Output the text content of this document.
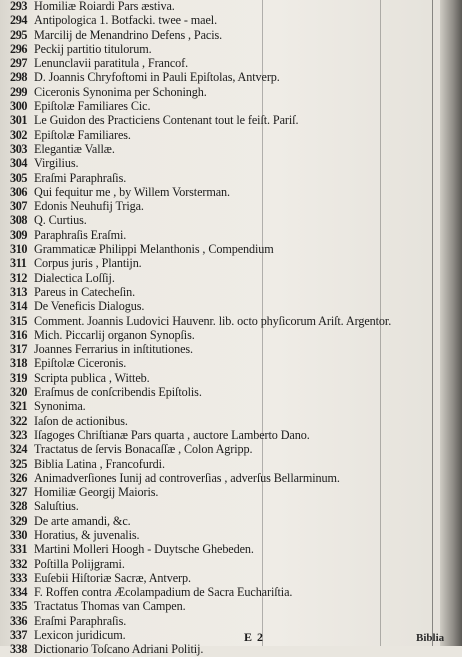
293 Homiliæ Roiardi Pars æstiva.
294 Antipologica 1. Botfacki. twee - mael.
295 Marcilij de Menandrino Defens , Pacis.
296 Peckij partitio titulorum.
297 Lenunclavii paratitula , Francof.
298 D. Joannis Chryfoftomi in Pauli Epiſtolas, Antverp.
299 Ciceronis Synonima per Schoningh.
300 Epiſtolæ Familiares Cic.
301 Le Guidon des Practiciens Contenant tout le feiſt. Pariſ.
302 Epiſtolæ Familiares.
303 Elegantiæ Vallæ.
304 Virgilius.
305 Eraſmi Paraphraſis.
306 Qui fequitur me , by Willem Vorsterman.
307 Edonis Neuhufij Triga.
308 Q. Curtius.
309 Paraphraſis Eraſmi.
310 Grammaticæ Philippi Melanthonis , Compendium
311 Corpus juris , Plantijn.
312 Dialectica Loſſij.
313 Pareus in Catecheſin.
314 De Veneficis Dialogus.
315 Comment. Joannis Ludovici Hauvenr. lib. octo phyſicorum Ariſt. Argentor.
316 Mich. Piccarlij organon Synopſis.
317 Joannes Ferrarius in inſtitutiones.
318 Epiſtolæ Ciceronis.
319 Scripta publica , Witteb.
320 Eraſmus de conſcribendis Epiſtolis.
321 Synonima.
322 Iaſon de actionibus.
323 Iſagoges Chriſtianæ Pars quarta , auctore Lamberto Dano.
324 Tractatus de ſervis Bonacaſſæ , Colon Agripp.
325 Biblia Latina , Francofurdi.
326 Animadverſiones Iunij ad controverſias , adverſus Bellarminum.
327 Homiliæ Georgij Maioris.
328 Saluſtius.
329 De arte amandi, &c.
330 Horatius, & juvenalis.
331 Martini Molleri Hoogh - Duytsche Ghebeden.
332 Poſtilla Polijgrami.
333 Euſebii Hiſtoriæ Sacræ, Antverp.
334 F. Roffen contra Æcolampadium de Sacra Euchariſtia.
335 Tractatus Thomas van Campen.
336 Eraſmi Paraphraſis.
337 Lexicon juridicum.
338 Dictionario Toſcano Adriani Politij.
E 2	Biblia
